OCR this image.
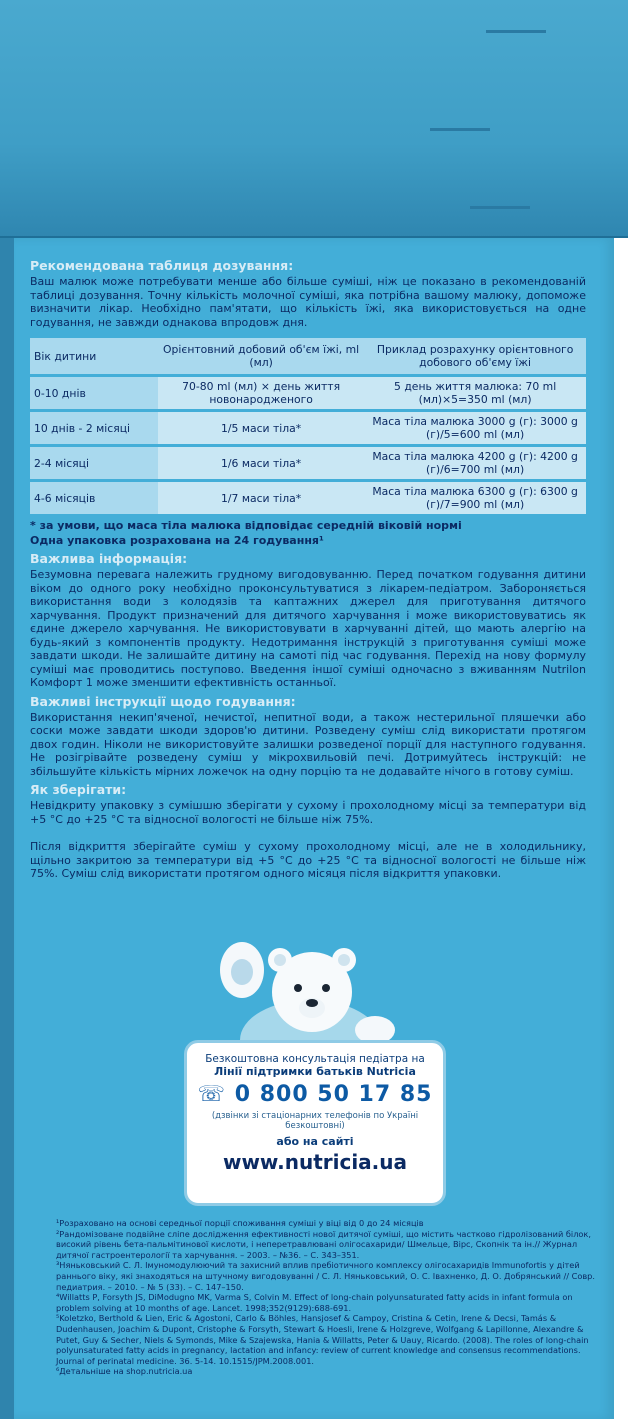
Рекомендована таблиця дозування:

Ваш малюк може потребувати менше або більше суміші, ніж це показано в рекомендованій таблиці дозування. Точну кількість молочної суміші, яка потрібна вашому малюку, допоможе визначити лікар. Необхідно пам'ятати, що кількість їжі, яка використовується на одне годування, не завжди однакова впродовж дня.

Вік дитини	Орієнтовний добовий об'єм їжі, ml (мл)	Приклад розрахунку орієнтовного добового об'єму їжі
0-10 днів	70-80 ml (мл) × день життя новонародженого	5 день життя малюка: 70 ml (мл)×5=350 ml (мл)
10 днів - 2 місяці	1/5 маси тіла*	Маса тіла малюка 3000 g (г): 3000 g (г)/5=600 ml (мл)
2-4 місяці	1/6 маси тіла*	Маса тіла малюка 4200 g (г): 4200 g (г)/6=700 ml (мл)
4-6 місяців	1/7 маси тіла*	Маса тіла малюка 6300 g (г): 6300 g (г)/7=900 ml (мл)
* за умови, що маса тіла малюка відповідає середній віковій нормі
Одна упаковка розрахована на 24 годування¹
Важлива інформація:

Безумовна перевага належить грудному вигодовуванню. Перед початком годування дитини віком до одного року необхідно проконсультуватися з лікарем-педіатром. Забороняється використання води з колодязів та каптажних джерел для приготування дитячого харчування. Продукт призначений для дитячого харчування і може використовуватись як єдине джерело харчування. Не використовувати в харчуванні дітей, що мають алергію на будь-який з компонентів продукту. Недотримання інструкцій з приготування суміші може завдати шкоди. Не залишайте дитину на самоті під час годування. Перехід на нову формулу суміші має проводитись поступово. Введення іншої суміші одночасно з вживанням Nutrilon Комфорт 1 може зменшити ефективність останньої.

Важливі інструкції щодо годування:

Використання некип'яченої, нечистої, непитної води, а також нестерильної пляшечки або соски може завдати шкоди здоров'ю дитини. Розведену суміш слід використати протягом двох годин. Ніколи не використовуйте залишки розведеної порції для наступного годування. Не розігрівайте розведену суміш у мікрохвильовій печі. Дотримуйтесь інструкцій: не збільшуйте кількість мірних ложечок на одну порцію та не додавайте нічого в готову суміш.

Як зберігати:

Невідкриту упаковку з сумішшю зберігати у сухому і прохолодному місці за температури від +5 °С до +25 °С та відносної вологості не більше ніж 75%.

Після відкриття зберігайте суміш у сухому прохолодному місці, але не в холодильнику, щільно закритою за температури від +5 °С до +25 °С та відносної вологості не більше ніж 75%. Суміш слід використати протягом одного місяця після відкриття упаковки.

Безкоштовна консультація педіатра на
Лінії підтримки батьків Nutricia
☏ 0 800 50 17 85
(дзвінки зі стаціонарних телефонів по Україні безкоштовні)
або на сайті
www.nutricia.ua

¹Розраховано на основі середньої порції споживання суміші у віці від 0 до 24 місяців

²Рандомізоване подвійне сліпе дослідження ефективності нової дитячої суміші, що містить частково гідролізований білок, високий рівень бета-пальмітинової кислоти, і неперетравлювані олігосахариди/ Шмельце, Вірс, Скопнік та ін.// Журнал дитячої гастроентерології та харчування. – 2003. – №36. – С. 343–351.

³Няньковський С. Л. Імуномодулюючий та захисний вплив пребіотичного комплексу олігосахаридів Immunofortis у дітей раннього віку, які знаходяться на штучному вигодовуванні / С. Л. Няньковський, О. С. Івахненко, Д. О. Добрянський // Совр. педиатрия. – 2010. – № 5 (33). – С. 147–150.

⁴Willatts P, Forsyth JS, DiModugno MK, Varma S, Colvin M. Effect of long-chain polyunsaturated fatty acids in infant formula on problem solving at 10 months of age. Lancet. 1998;352(9129):688-691.

⁵Koletzko, Berthold & Lien, Eric & Agostoni, Carlo & Böhles, Hansjosef & Campoy, Cristina & Cetin, Irene & Decsi, Tamás & Dudenhausen, Joachim & Dupont, Cristophe & Forsyth, Stewart & Hoesli, Irene & Holzgreve, Wolfgang & Lapillonne, Alexandre & Putet, Guy & Secher, Niels & Symonds, Mike & Szajewska, Hania & Willatts, Peter & Uauy, Ricardo. (2008). The roles of long-chain polyunsaturated fatty acids in pregnancy, lactation and infancy: review of current knowledge and consensus recommendations. Journal of perinatal medicine. 36. 5-14. 10.1515/JPM.2008.001.

⁶Детальніше на shop.nutricia.ua
